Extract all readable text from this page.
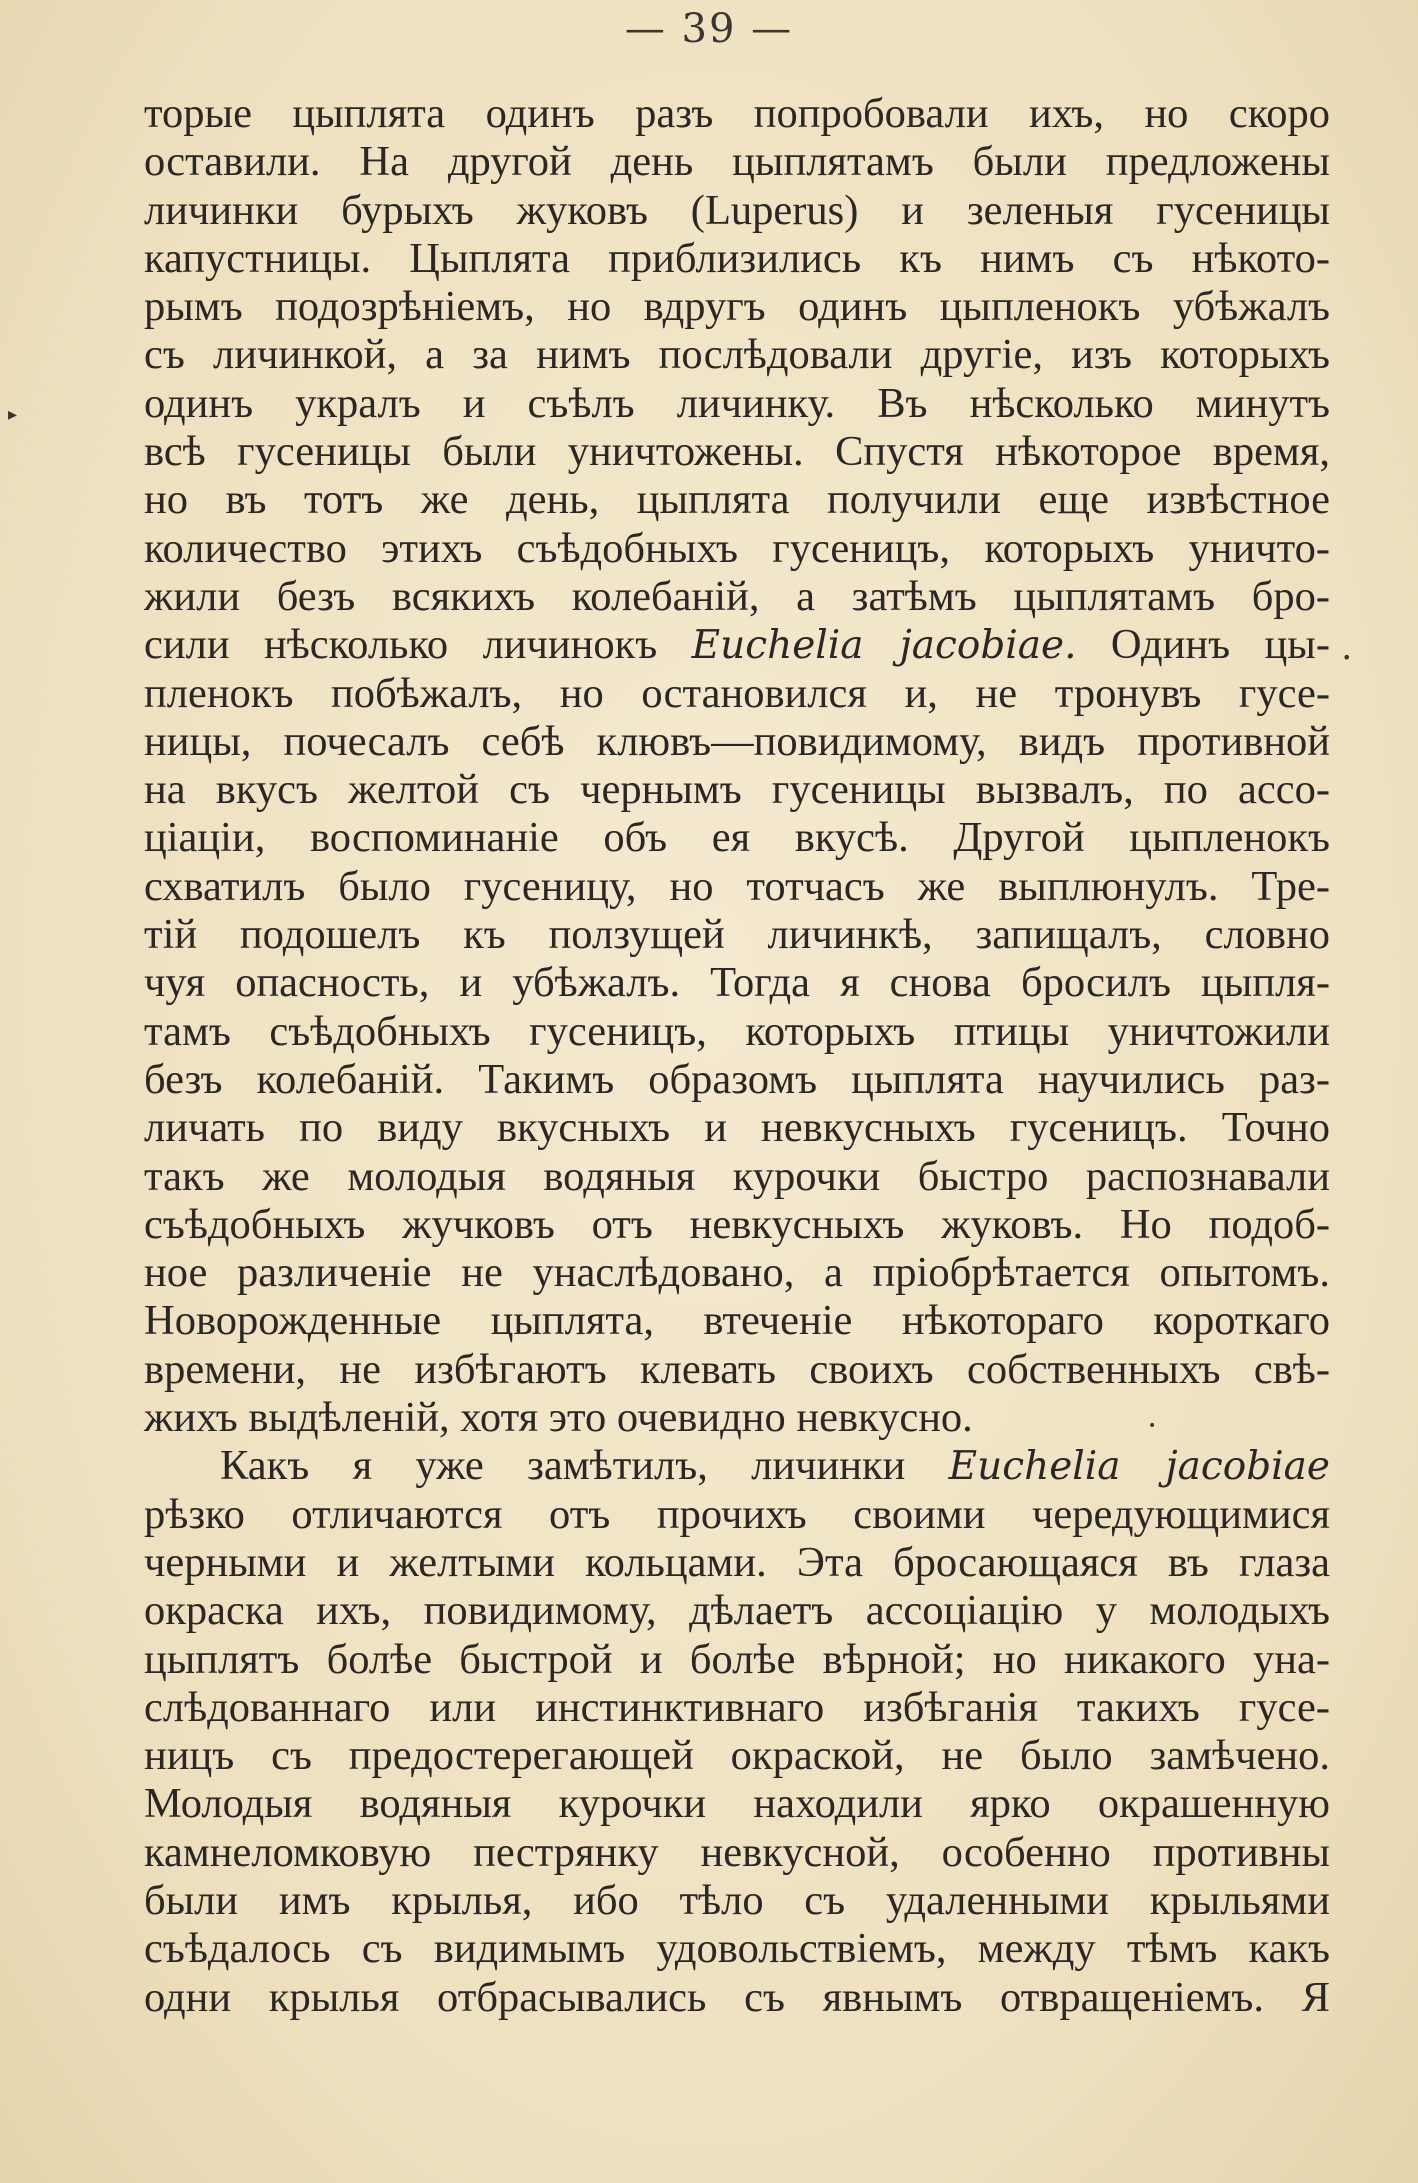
— 39 —
торые цыплята одинъ разъ попробовали ихъ, но скоро
оставили. На другой день цыплятамъ были предложены
личинки бурыхъ жуковъ (Luperus) и зеленыя гусеницы
капустницы. Цыплята приблизились къ нимъ съ нѣкото-
рымъ подозрѣніемъ, но вдругъ одинъ цыпленокъ убѣжалъ
съ личинкой, а за нимъ послѣдовали другіе, изъ которыхъ
одинъ укралъ и съѣлъ личинку. Въ нѣсколько минутъ
всѣ гусеницы были уничтожены. Спустя нѣкоторое время,
но въ тотъ же день, цыплята получили еще извѣстное
количество этихъ съѣдобныхъ гусеницъ, которыхъ уничто-
жили безъ всякихъ колебаній, а затѣмъ цыплятамъ бро-
сили нѣсколько личинокъ Euchelia jacobiae. Одинъ цы-
пленокъ побѣжалъ, но остановился и, не тронувъ гусе-
ницы, почесалъ себѣ клювъ—повидимому, видъ противной
на вкусъ желтой съ чернымъ гусеницы вызвалъ, по ассо-
ціаціи, воспоминаніе объ ея вкусѣ. Другой цыпленокъ
схватилъ было гусеницу, но тотчасъ же выплюнулъ. Тре-
тій подошелъ къ ползущей личинкѣ, запищалъ, словно
чуя опасность, и убѣжалъ. Тогда я снова бросилъ цыпля-
тамъ съѣдобныхъ гусеницъ, которыхъ птицы уничтожили
безъ колебаній. Такимъ образомъ цыплята научились раз-
личать по виду вкусныхъ и невкусныхъ гусеницъ. Точно
такъ же молодыя водяныя курочки быстро распознавали
съѣдобныхъ жучковъ отъ невкусныхъ жуковъ. Но подоб-
ное различеніе не унаслѣдовано, а пріобрѣтается опытомъ.
Новорожденные цыплята, втеченіе нѣкотораго короткаго
времени, не избѣгаютъ клевать своихъ собственныхъ свѣ-
жихъ выдѣленій, хотя это очевидно невкусно.
Какъ я уже замѣтилъ, личинки Euchelia jacobiae
рѣзко отличаются отъ прочихъ своими чередующимися
черными и желтыми кольцами. Эта бросающаяся въ глаза
окраска ихъ, повидимому, дѣлаетъ ассоціацію у молодыхъ
цыплятъ болѣе быстрой и болѣе вѣрной; но никакого уна-
слѣдованнаго или инстинктивнаго избѣганія такихъ гусе-
ницъ съ предостерегающей окраской, не было замѣчено.
Молодыя водяныя курочки находили ярко окрашенную
камнеломковую пестрянку невкусной, особенно противны
были имъ крылья, ибо тѣло съ удаленными крыльями
съѣдалось съ видимымъ удовольствіемъ, между тѣмъ какъ
одни крылья отбрасывались съ явнымъ отвращеніемъ. Я
▸
•
•
